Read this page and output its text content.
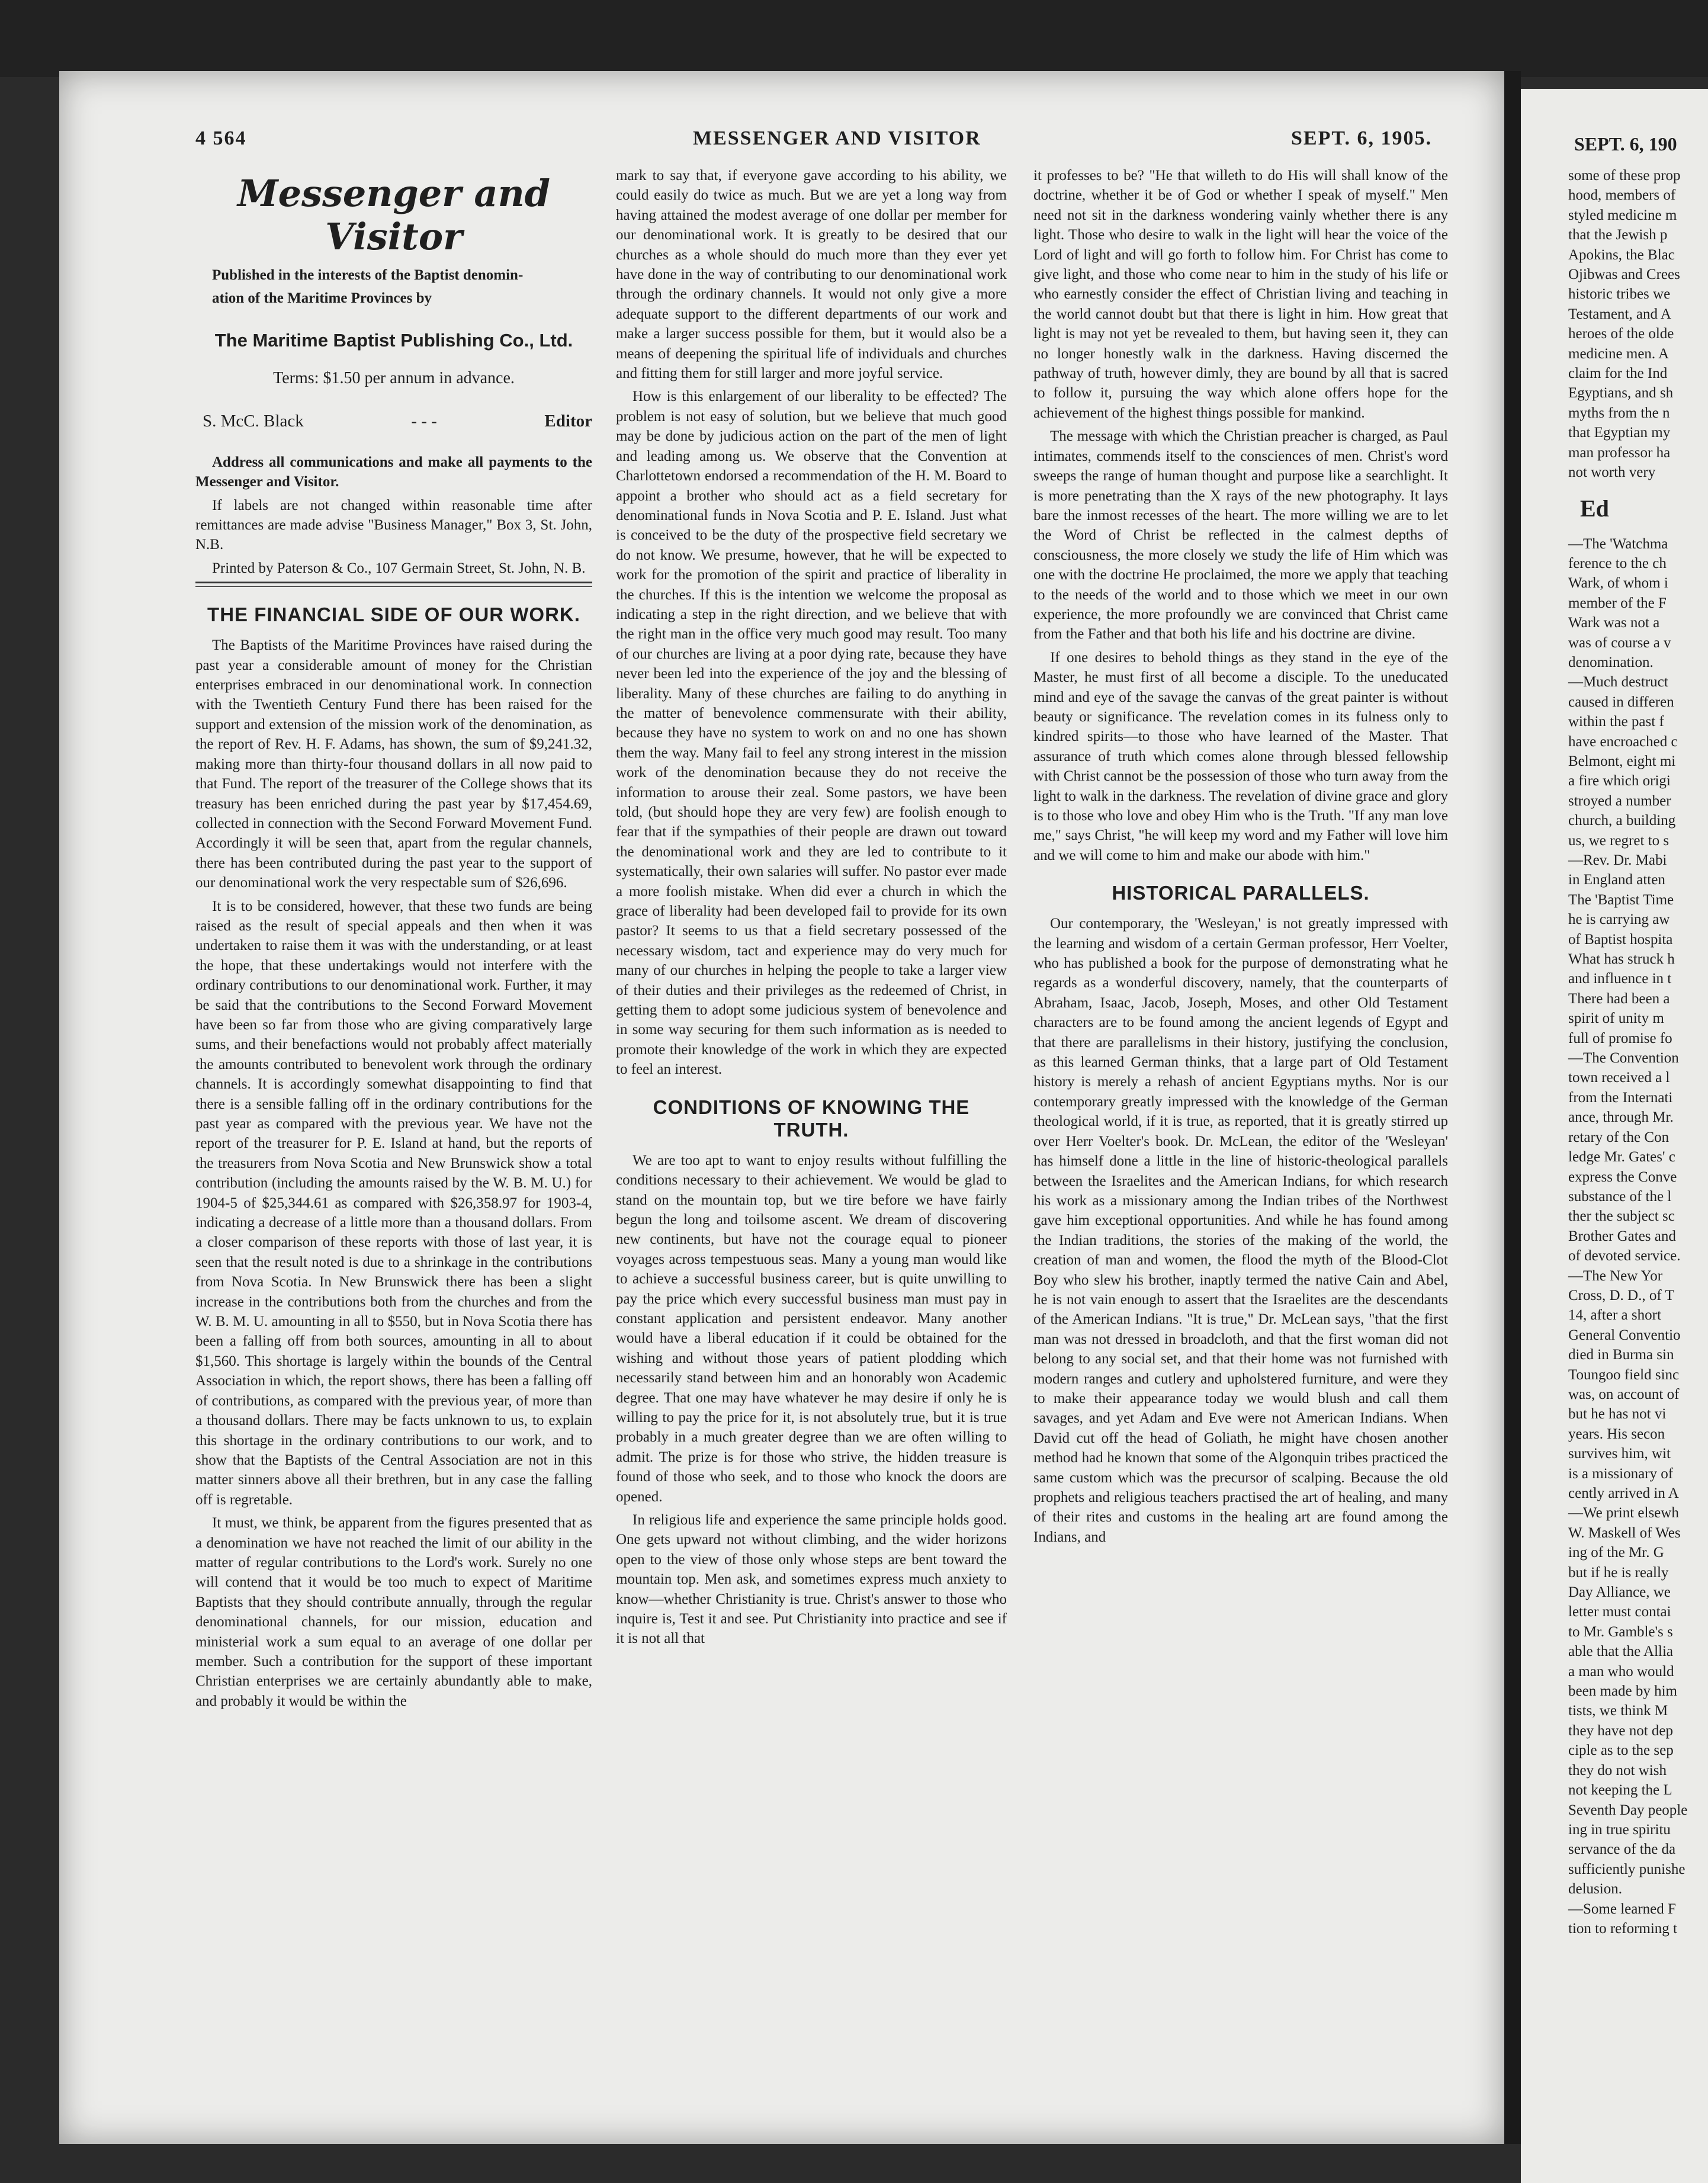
4 564	MESSENGER AND VISITOR	SEPT. 6, 1905.
Messenger and Visitor

Published in the interests of the Baptist denomin-

ation of the Maritime Provinces by

The Maritime Baptist Publishing Co., Ltd.
Terms: $1.50 per annum in advance.
S. McC. Black	- - -	Editor

Address all communications and make all payments to the Messenger and Visitor.

If labels are not changed within reasonable time after remittances are made advise "Business Manager," Box 3, St. John, N.B.

Printed by Paterson & Co., 107 Germain Street, St. John, N. B.

THE FINANCIAL SIDE OF OUR WORK.

The Baptists of the Maritime Provinces have raised during the past year a considerable amount of money for the Christian enterprises embraced in our denominational work. In connection with the Twentieth Century Fund there has been raised for the support and extension of the mission work of the denomination, as the report of Rev. H. F. Adams, has shown, the sum of $9,241.32, making more than thirty-four thousand dollars in all now paid to that Fund. The report of the treasurer of the College shows that its treasury has been enriched during the past year by $17,454.69, collected in connection with the Second Forward Movement Fund. Accordingly it will be seen that, apart from the regular channels, there has been contributed during the past year to the support of our denominational work the very respectable sum of $26,696.

It is to be considered, however, that these two funds are being raised as the result of special appeals and then when it was undertaken to raise them it was with the understanding, or at least the hope, that these undertakings would not interfere with the ordinary contributions to our denominational work. Further, it may be said that the contributions to the Second Forward Movement have been so far from those who are giving comparatively large sums, and their benefactions would not probably affect materially the amounts contributed to benevolent work through the ordinary channels. It is accordingly somewhat disappointing to find that there is a sensible falling off in the ordinary contributions for the past year as compared with the previous year. We have not the report of the treasurer for P. E. Island at hand, but the reports of the treasurers from Nova Scotia and New Brunswick show a total contribution (including the amounts raised by the W. B. M. U.) for 1904-5 of $25,344.61 as compared with $26,358.97 for 1903-4, indicating a decrease of a little more than a thousand dollars. From a closer comparison of these reports with those of last year, it is seen that the result noted is due to a shrinkage in the contributions from Nova Scotia. In New Brunswick there has been a slight increase in the contributions both from the churches and from the W. B. M. U. amounting in all to $550, but in Nova Scotia there has been a falling off from both sources, amounting in all to about $1,560. This shortage is largely within the bounds of the Central Association in which, the report shows, there has been a falling off of contributions, as compared with the previous year, of more than a thousand dollars. There may be facts unknown to us, to explain this shortage in the ordinary contributions to our work, and to show that the Baptists of the Central Association are not in this matter sinners above all their brethren, but in any case the falling off is regretable.

It must, we think, be apparent from the figures presented that as a denomination we have not reached the limit of our ability in the matter of regular contributions to the Lord's work. Surely no one will contend that it would be too much to expect of Maritime Baptists that they should contribute annually, through the regular denominational channels, for our mission, education and ministerial work a sum equal to an average of one dollar per member. Such a contribution for the support of these important Christian enterprises we are certainly abundantly able to make, and probably it would be within the

mark to say that, if everyone gave according to his ability, we could easily do twice as much. But we are yet a long way from having attained the modest average of one dollar per member for our denominational work. It is greatly to be desired that our churches as a whole should do much more than they ever yet have done in the way of contributing to our denominational work through the ordinary channels. It would not only give a more adequate support to the different departments of our work and make a larger success possible for them, but it would also be a means of deepening the spiritual life of individuals and churches and fitting them for still larger and more joyful service.

How is this enlargement of our liberality to be effected? The problem is not easy of solution, but we believe that much good may be done by judicious action on the part of the men of light and leading among us. We observe that the Convention at Charlottetown endorsed a recommendation of the H. M. Board to appoint a brother who should act as a field secretary for denominational funds in Nova Scotia and P. E. Island. Just what is conceived to be the duty of the prospective field secretary we do not know. We presume, however, that he will be expected to work for the promotion of the spirit and practice of liberality in the churches. If this is the intention we welcome the proposal as indicating a step in the right direction, and we believe that with the right man in the office very much good may result. Too many of our churches are living at a poor dying rate, because they have never been led into the experience of the joy and the blessing of liberality. Many of these churches are failing to do anything in the matter of benevolence commensurate with their ability, because they have no system to work on and no one has shown them the way. Many fail to feel any strong interest in the mission work of the denomination because they do not receive the information to arouse their zeal. Some pastors, we have been told, (but should hope they are very few) are foolish enough to fear that if the sympathies of their people are drawn out toward the denominational work and they are led to contribute to it systematically, their own salaries will suffer. No pastor ever made a more foolish mistake. When did ever a church in which the grace of liberality had been developed fail to provide for its own pastor? It seems to us that a field secretary possessed of the necessary wisdom, tact and experience may do very much for many of our churches in helping the people to take a larger view of their duties and their privileges as the redeemed of Christ, in getting them to adopt some judicious system of benevolence and in some way securing for them such information as is needed to promote their knowledge of the work in which they are expected to feel an interest.

CONDITIONS OF KNOWING THE TRUTH.

We are too apt to want to enjoy results without fulfilling the conditions necessary to their achievement. We would be glad to stand on the mountain top, but we tire before we have fairly begun the long and toilsome ascent. We dream of discovering new continents, but have not the courage equal to pioneer voyages across tempestuous seas. Many a young man would like to achieve a successful business career, but is quite unwilling to pay the price which every successful business man must pay in constant application and persistent endeavor. Many another would have a liberal education if it could be obtained for the wishing and without those years of patient plodding which necessarily stand between him and an honorably won Academic degree. That one may have whatever he may desire if only he is willing to pay the price for it, is not absolutely true, but it is true probably in a much greater degree than we are often willing to admit. The prize is for those who strive, the hidden treasure is found of those who seek, and to those who knock the doors are opened.

In religious life and experience the same principle holds good. One gets upward not without climbing, and the wider horizons open to the view of those only whose steps are bent toward the mountain top. Men ask, and sometimes express much anxiety to know—whether Christianity is true. Christ's answer to those who inquire is, Test it and see. Put Christianity into practice and see if it is not all that

it professes to be? "He that willeth to do His will shall know of the doctrine, whether it be of God or whether I speak of myself." Men need not sit in the darkness wondering vainly whether there is any light. Those who desire to walk in the light will hear the voice of the Lord of light and will go forth to follow him. For Christ has come to give light, and those who come near to him in the study of his life or who earnestly consider the effect of Christian living and teaching in the world cannot doubt but that there is light in him. How great that light is may not yet be revealed to them, but having seen it, they can no longer honestly walk in the darkness. Having discerned the pathway of truth, however dimly, they are bound by all that is sacred to follow it, pursuing the way which alone offers hope for the achievement of the highest things possible for mankind.

The message with which the Christian preacher is charged, as Paul intimates, commends itself to the consciences of men. Christ's word sweeps the range of human thought and purpose like a searchlight. It is more penetrating than the X rays of the new photography. It lays bare the inmost recesses of the heart. The more willing we are to let the Word of Christ be reflected in the calmest depths of consciousness, the more closely we study the life of Him which was one with the doctrine He proclaimed, the more we apply that teaching to the needs of the world and to those which we meet in our own experience, the more profoundly we are convinced that Christ came from the Father and that both his life and his doctrine are divine.

If one desires to behold things as they stand in the eye of the Master, he must first of all become a disciple. To the uneducated mind and eye of the savage the canvas of the great painter is without beauty or significance. The revelation comes in its fulness only to kindred spirits—to those who have learned of the Master. That assurance of truth which comes alone through blessed fellowship with Christ cannot be the possession of those who turn away from the light to walk in the darkness. The revelation of divine grace and glory is to those who love and obey Him who is the Truth. "If any man love me," says Christ, "he will keep my word and my Father will love him and we will come to him and make our abode with him."

HISTORICAL PARALLELS.

Our contemporary, the 'Wesleyan,' is not greatly impressed with the learning and wisdom of a certain German professor, Herr Voelter, who has published a book for the purpose of demonstrating what he regards as a wonderful discovery, namely, that the counterparts of Abraham, Isaac, Jacob, Joseph, Moses, and other Old Testament characters are to be found among the ancient legends of Egypt and that there are parallelisms in their history, justifying the conclusion, as this learned German thinks, that a large part of Old Testament history is merely a rehash of ancient Egyptians myths. Nor is our contemporary greatly impressed with the knowledge of the German theological world, if it is true, as reported, that it is greatly stirred up over Herr Voelter's book. Dr. McLean, the editor of the 'Wesleyan' has himself done a little in the line of historic-theological parallels between the Israelites and the American Indians, for which research his work as a missionary among the Indian tribes of the Northwest gave him exceptional opportunities. And while he has found among the Indian traditions, the stories of the making of the world, the creation of man and women, the flood the myth of the Blood-Clot Boy who slew his brother, inaptly termed the native Cain and Abel, he is not vain enough to assert that the Israelites are the descendants of the American Indians. "It is true," Dr. McLean says, "that the first man was not dressed in broadcloth, and that the first woman did not belong to any social set, and that their home was not furnished with modern ranges and cutlery and upholstered furniture, and were they to make their appearance today we would blush and call them savages, and yet Adam and Eve were not American Indians. When David cut off the head of Goliath, he might have chosen another method had he known that some of the Algonquin tribes practiced the same custom which was the precursor of scalping. Because the old prophets and religious teachers practised the art of healing, and many of their rites and customs in the healing art are found among the Indians, and

SEPT. 6, 190

some of these prop

hood, members of

styled medicine m

that the Jewish p

Apokins, the Blac

Ojibwas and Crees

historic tribes we

Testament, and A

heroes of the olde

medicine men. A

claim for the Ind

Egyptians, and sh

myths from the n

that Egyptian my

man professor ha

not worth very

Ed

—The 'Watchma

ference to the ch

Wark, of whom i

member of the F

Wark was not a

was of course a v

denomination.

—Much destruct

caused in differen

within the past f

have encroached c

Belmont, eight mi

a fire which origi

stroyed a number

church, a building

us, we regret to s

—Rev. Dr. Mabi

in England atten

The 'Baptist Time

he is carrying aw

of Baptist hospita

What has struck h

and influence in t

There had been a

spirit of unity m

full of promise fo

—The Convention

town received a l

from the Internati

ance, through Mr.

retary of the Con

ledge Mr. Gates' c

express the Conve

substance of the l

ther the subject sc

Brother Gates and

of devoted service.

—The New Yor

Cross, D. D., of T

14, after a short

General Conventio

died in Burma sin

Toungoo field sinc

was, on account of

but he has not vi

years. His secon

survives him, wit

is a missionary of

cently arrived in A

—We print elsewh

W. Maskell of Wes

ing of the Mr. G

but if he is really

Day Alliance, we

letter must contai

to Mr. Gamble's s

able that the Allia

a man who would

been made by him

tists, we think M

they have not dep

ciple as to the sep

they do not wish

not keeping the L

Seventh Day people

ing in true spiritu

servance of the da

sufficiently punishe

delusion.

—Some learned F

tion to reforming t
